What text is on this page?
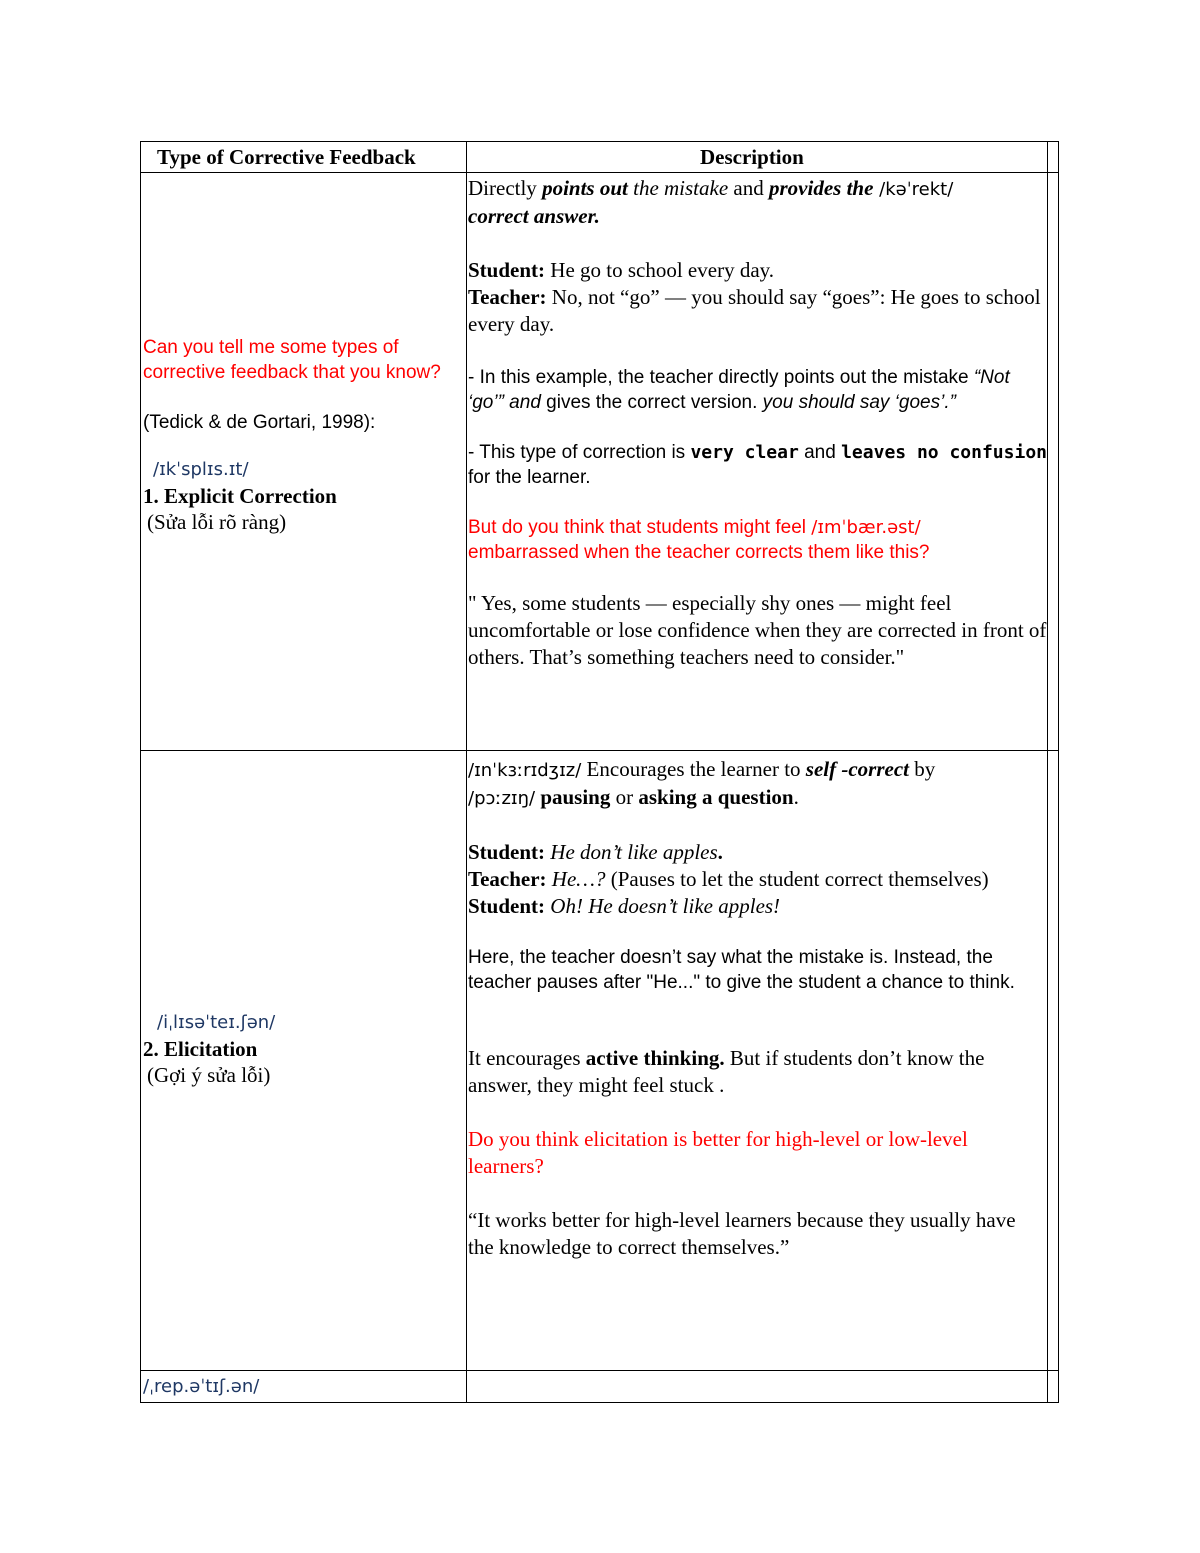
Type of Corrective Feedback	Description

Can you tell me some types of corrective feedback that you know?

(Tedick & de Gortari, 1998):

/ɪkˈsplɪs.ɪt/

1. Explicit Correction

(Sửa lỗi rõ ràng)

Directly points out the mistake and provides the /kəˈrekt/
correct answer.

Student: He go to school every day.

Teacher: No, not “go” — you should say “goes”: He goes to school every day.

- In this example, the teacher directly points out the mistake “Not ‘go’” and gives the correct version. you should say ‘goes’.”

- This type of correction is very clear and leaves no confusion for the learner.

But do you think that students might feel /ɪmˈbær.əst/
embarrassed when the teacher corrects them like this?

" Yes, some students — especially shy ones — might feel uncomfortable or lose confidence when they are corrected in front of others. That’s something teachers need to consider."

/iˌlɪsəˈteɪ.ʃən/

2. Elicitation

(Gợi ý sửa lỗi)

/ɪnˈkɜːrɪdʒɪz/ Encourages the learner to self -correct by
/pɔːzɪŋ/ pausing or asking a question.

Student: He don’t like apples.

Teacher: He…? (Pauses to let the student correct themselves)

Student: Oh! He doesn’t like apples!

Here, the teacher doesn’t say what the mistake is. Instead, the teacher pauses after "He..." to give the student a chance to think.

It encourages active thinking. But if students don’t know the answer, they might feel stuck .

Do you think elicitation is better for high-level or low-level learners?

“It works better for high-level learners because they usually have the knowledge to correct themselves.”

/ˌrep.əˈtɪʃ.ən/
